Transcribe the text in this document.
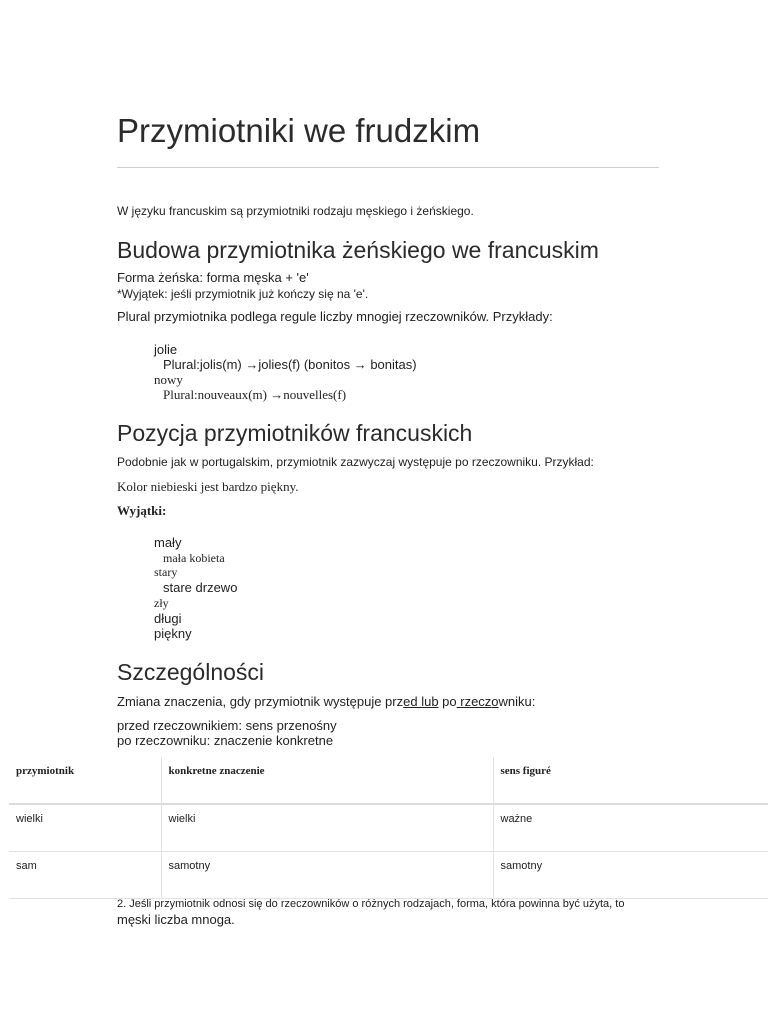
Przymiotniki we frudzkim
W języku francuskim są przymiotniki rodzaju męskiego i żeńskiego.
Budowa przymiotnika żeńskiego we francuskim
Forma żeńska: forma męska + 'e'
*Wyjątek: jeśli przymiotnik już kończy się na 'e'.
Plural przymiotnika podlega regule liczby mnogiej rzeczowników. Przykłady:
jolie
Plural:jolis(m) →jolies(f) (bonitos → bonitas)
nowy
Plural:nouveaux(m) →nouvelles(f)
Pozycja przymiotników francuskich
Podobnie jak w portugalskim, przymiotnik zazwyczaj występuje po rzeczowniku. Przykład:
Kolor niebieski jest bardzo piękny.
Wyjątki:
mały
mała kobieta
stary
stare drzewo
zły
długi
piękny
Szczególności
Zmiana znaczenia, gdy przymiotnik występuje przed lub po rzeczowniku:
przed rzeczownikiem: sens przenośny
po rzeczowniku: znaczenie konkretne
przymiotnik	konkretne znaczenie	sens figuré
wielki	wielki	ważne
sam	samotny	samotny
2. Jeśli przymiotnik odnosi się do rzeczowników o różnych rodzajach, forma, która powinna być użyta, to
męski liczba mnoga.
